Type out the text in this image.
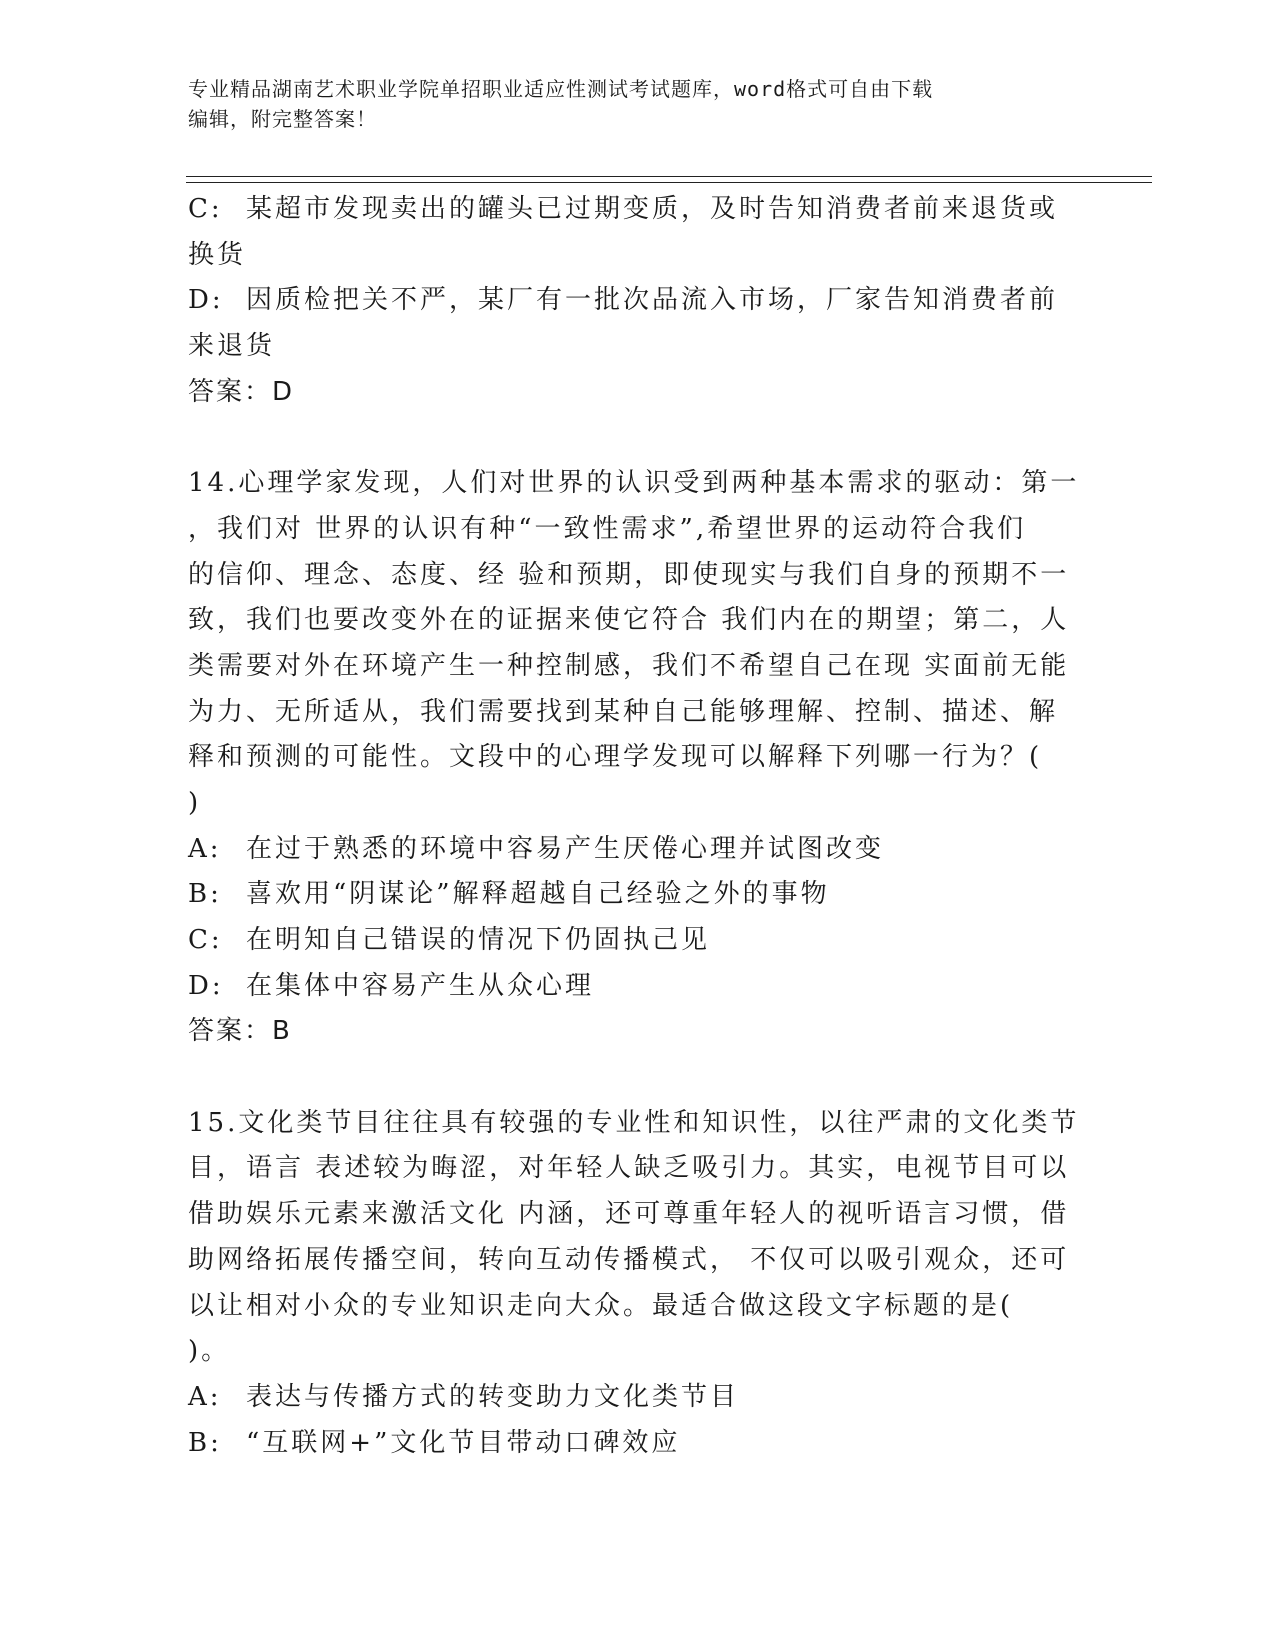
专业精品湖南艺术职业学院单招职业适应性测试考试题库，word格式可自由下载
编辑，附完整答案！
C: 某超市发现卖出的罐头已过期变质，及时告知消费者前来退货或
换货
D: 因质检把关不严，某厂有一批次品流入市场，厂家告知消费者前
来退货
答案：D
14.心理学家发现，人们对世界的认识受到两种基本需求的驱动：第一
，我们对 世界的认识有种“一致性需求”,希望世界的运动符合我们
的信仰、理念、态度、经 验和预期，即使现实与我们自身的预期不一
致，我们也要改变外在的证据来使它符合 我们内在的期望；第二，人
类需要对外在环境产生一种控制感，我们不希望自己在现 实面前无能
为力、无所适从，我们需要找到某种自己能够理解、控制、描述、解
释和预测的可能性。文段中的心理学发现可以解释下列哪一行为？(
)
A: 在过于熟悉的环境中容易产生厌倦心理并试图改变
B: 喜欢用“阴谋论”解释超越自己经验之外的事物
C: 在明知自己错误的情况下仍固执己见
D: 在集体中容易产生从众心理
答案：B
15.文化类节目往往具有较强的专业性和知识性，以往严肃的文化类节
目，语言 表述较为晦涩，对年轻人缺乏吸引力。其实，电视节目可以
借助娱乐元素来激活文化 内涵，还可尊重年轻人的视听语言习惯，借
助网络拓展传播空间，转向互动传播模式， 不仅可以吸引观众，还可
以让相对小众的专业知识走向大众。最适合做这段文字标题的是(
)。
A: 表达与传播方式的转变助力文化类节目
B: “互联网+”文化节目带动口碑效应
